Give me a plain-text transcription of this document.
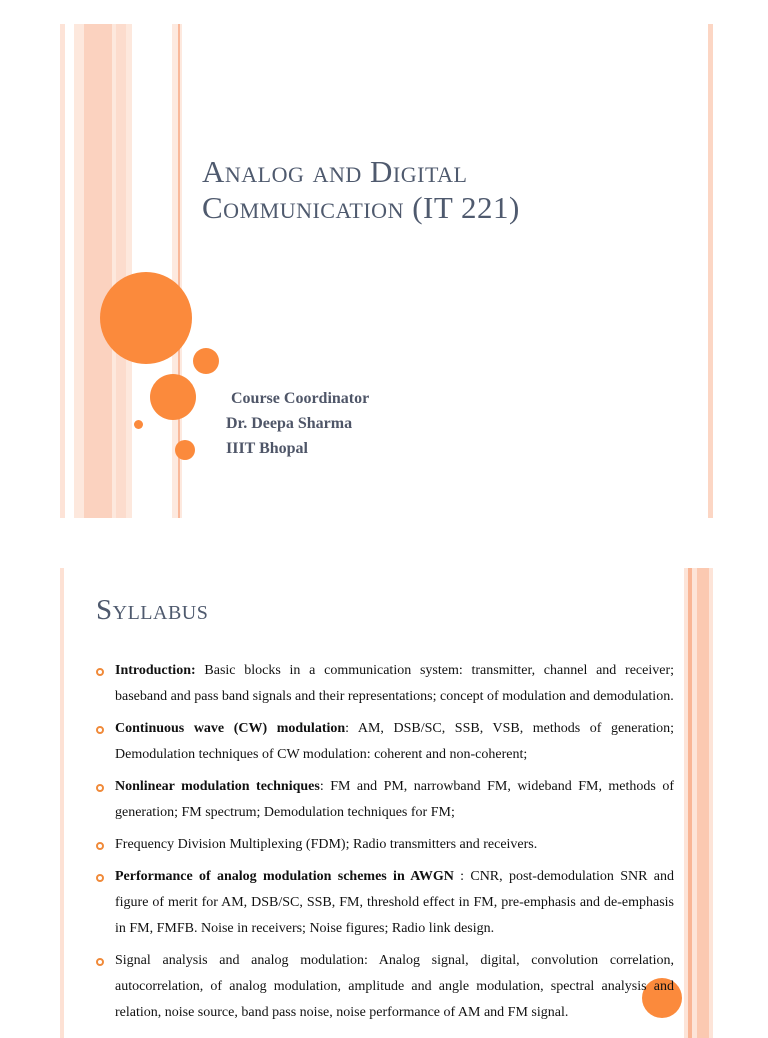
Analog and Digital
Communication (IT 221)
Course Coordinator
Dr. Deepa Sharma
IIIT Bhopal
Syllabus
Introduction: Basic blocks in a communication system: transmitter, channel and receiver; baseband and pass band signals and their representations; concept of modulation and demodulation.
Continuous wave (CW) modulation: AM, DSB/SC, SSB, VSB, methods of generation; Demodulation techniques of CW modulation: coherent and non-coherent;
Nonlinear modulation techniques: FM and PM, narrowband FM, wideband FM, methods of generation; FM spectrum; Demodulation techniques for FM;
Frequency Division Multiplexing (FDM); Radio transmitters and receivers.
Performance of analog modulation schemes in AWGN : CNR, post-demodulation SNR and figure of merit for AM, DSB/SC, SSB, FM, threshold effect in FM, pre-emphasis and de-emphasis in FM, FMFB. Noise in receivers; Noise figures; Radio link design.
Signal analysis and analog modulation: Analog signal, digital, convolution correlation, autocorrelation, of analog modulation, amplitude and angle modulation, spectral analysis and relation, noise source, band pass noise, noise performance of AM and FM signal.
